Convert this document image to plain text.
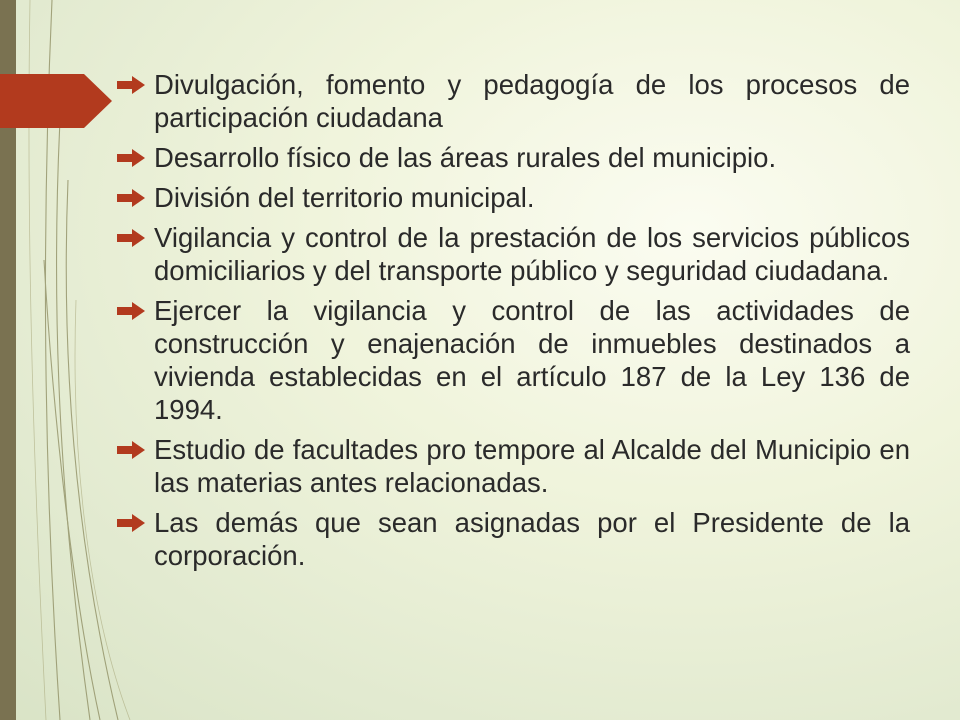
Divulgación, fomento y pedagogía de los procesos de participación ciudadana
Desarrollo físico de las áreas rurales del municipio.
División del territorio municipal.
Vigilancia y control de la prestación de los servicios públicos domiciliarios y del transporte público y seguridad ciudadana.
Ejercer la vigilancia y control de las actividades de construcción y enajenación de inmuebles destinados a vivienda establecidas en el artículo 187 de la Ley 136 de 1994.
Estudio de facultades pro tempore al Alcalde del Municipio en las materias antes relacionadas.
Las demás que sean asignadas por el Presidente de la corporación.
